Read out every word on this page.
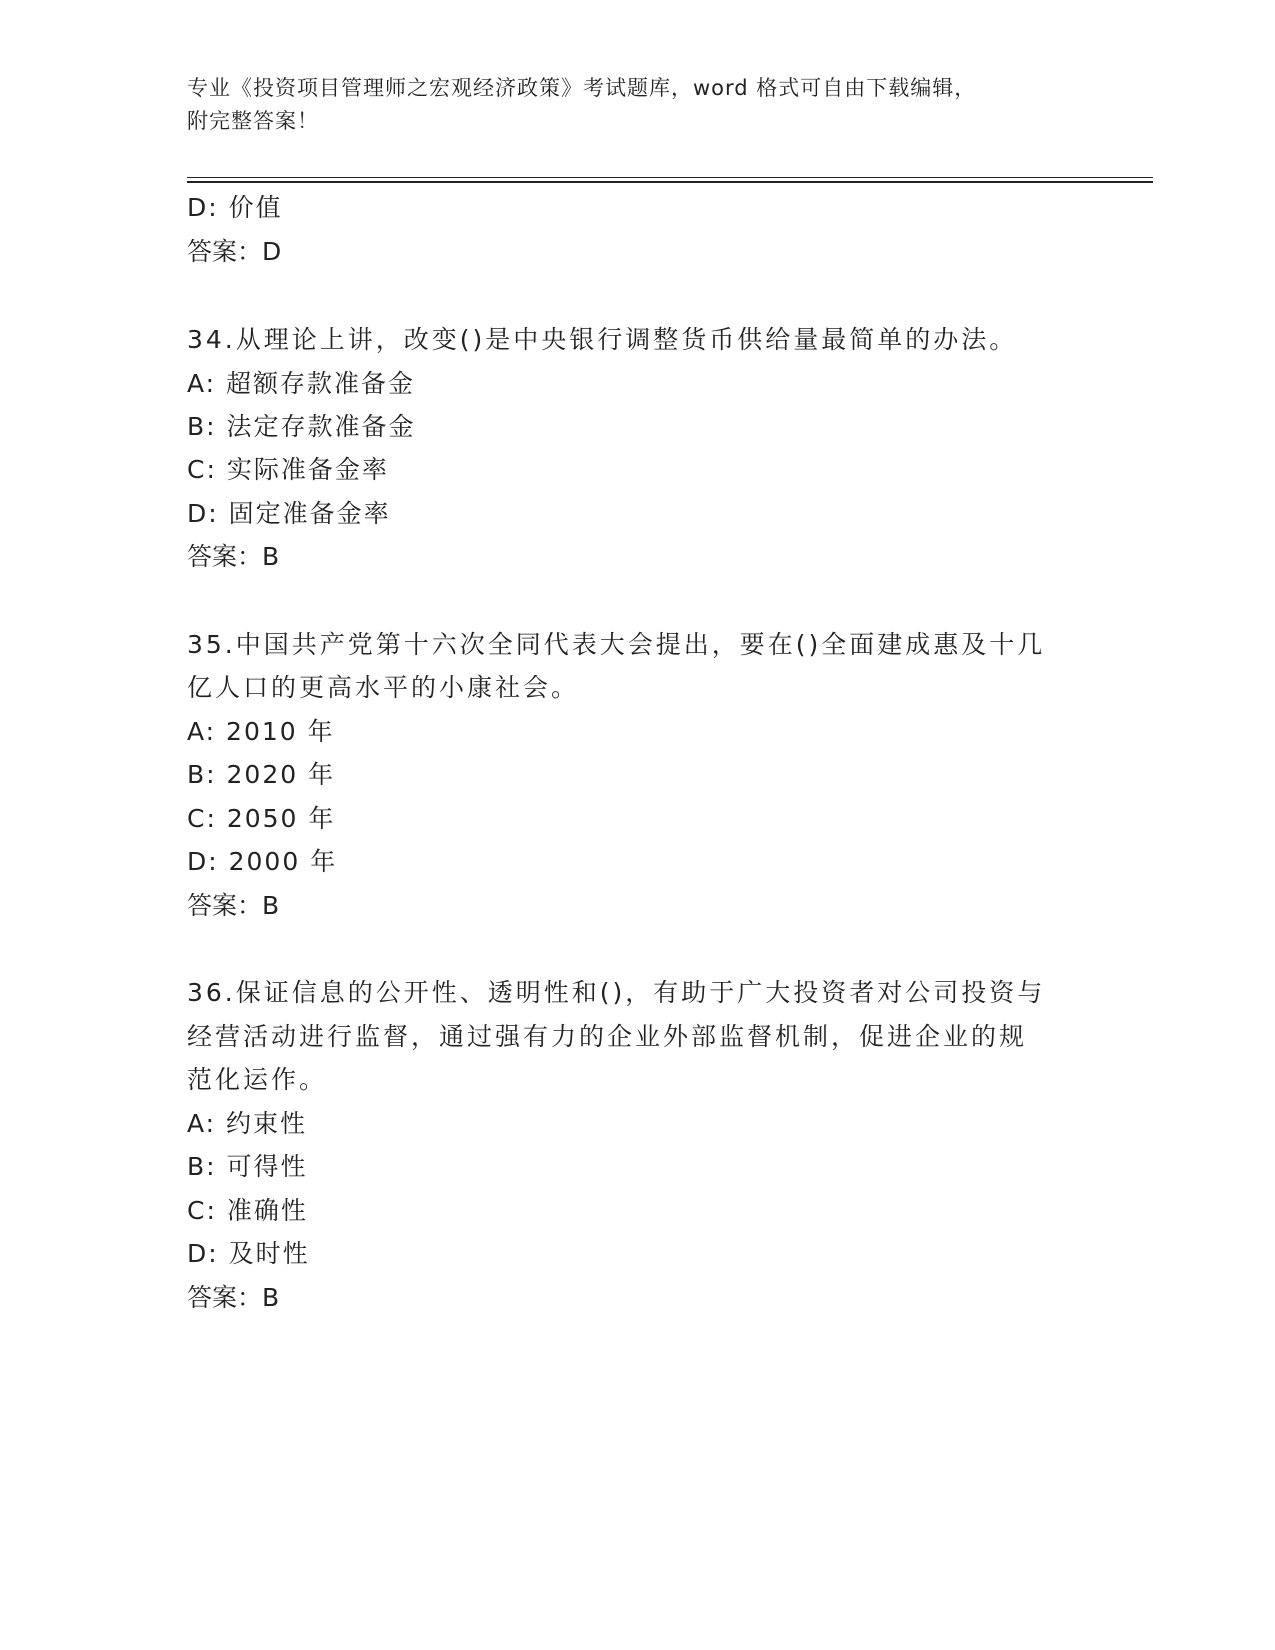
专业《投资项目管理师之宏观经济政策》考试题库，word 格式可自由下载编辑，
附完整答案！
D: 价值
答案：D
34.从理论上讲，改变()是中央银行调整货币供给量最简单的办法。
A: 超额存款准备金
B: 法定存款准备金
C: 实际准备金率
D: 固定准备金率
答案：B
35.中国共产党第十六次全同代表大会提出，要在()全面建成惠及十几
亿人口的更高水平的小康社会。
A: 2010 年
B: 2020 年
C: 2050 年
D: 2000 年
答案：B
36.保证信息的公开性、透明性和()，有助于广大投资者对公司投资与
经营活动进行监督，通过强有力的企业外部监督机制，促进企业的规
范化运作。
A: 约束性
B: 可得性
C: 准确性
D: 及时性
答案：B
